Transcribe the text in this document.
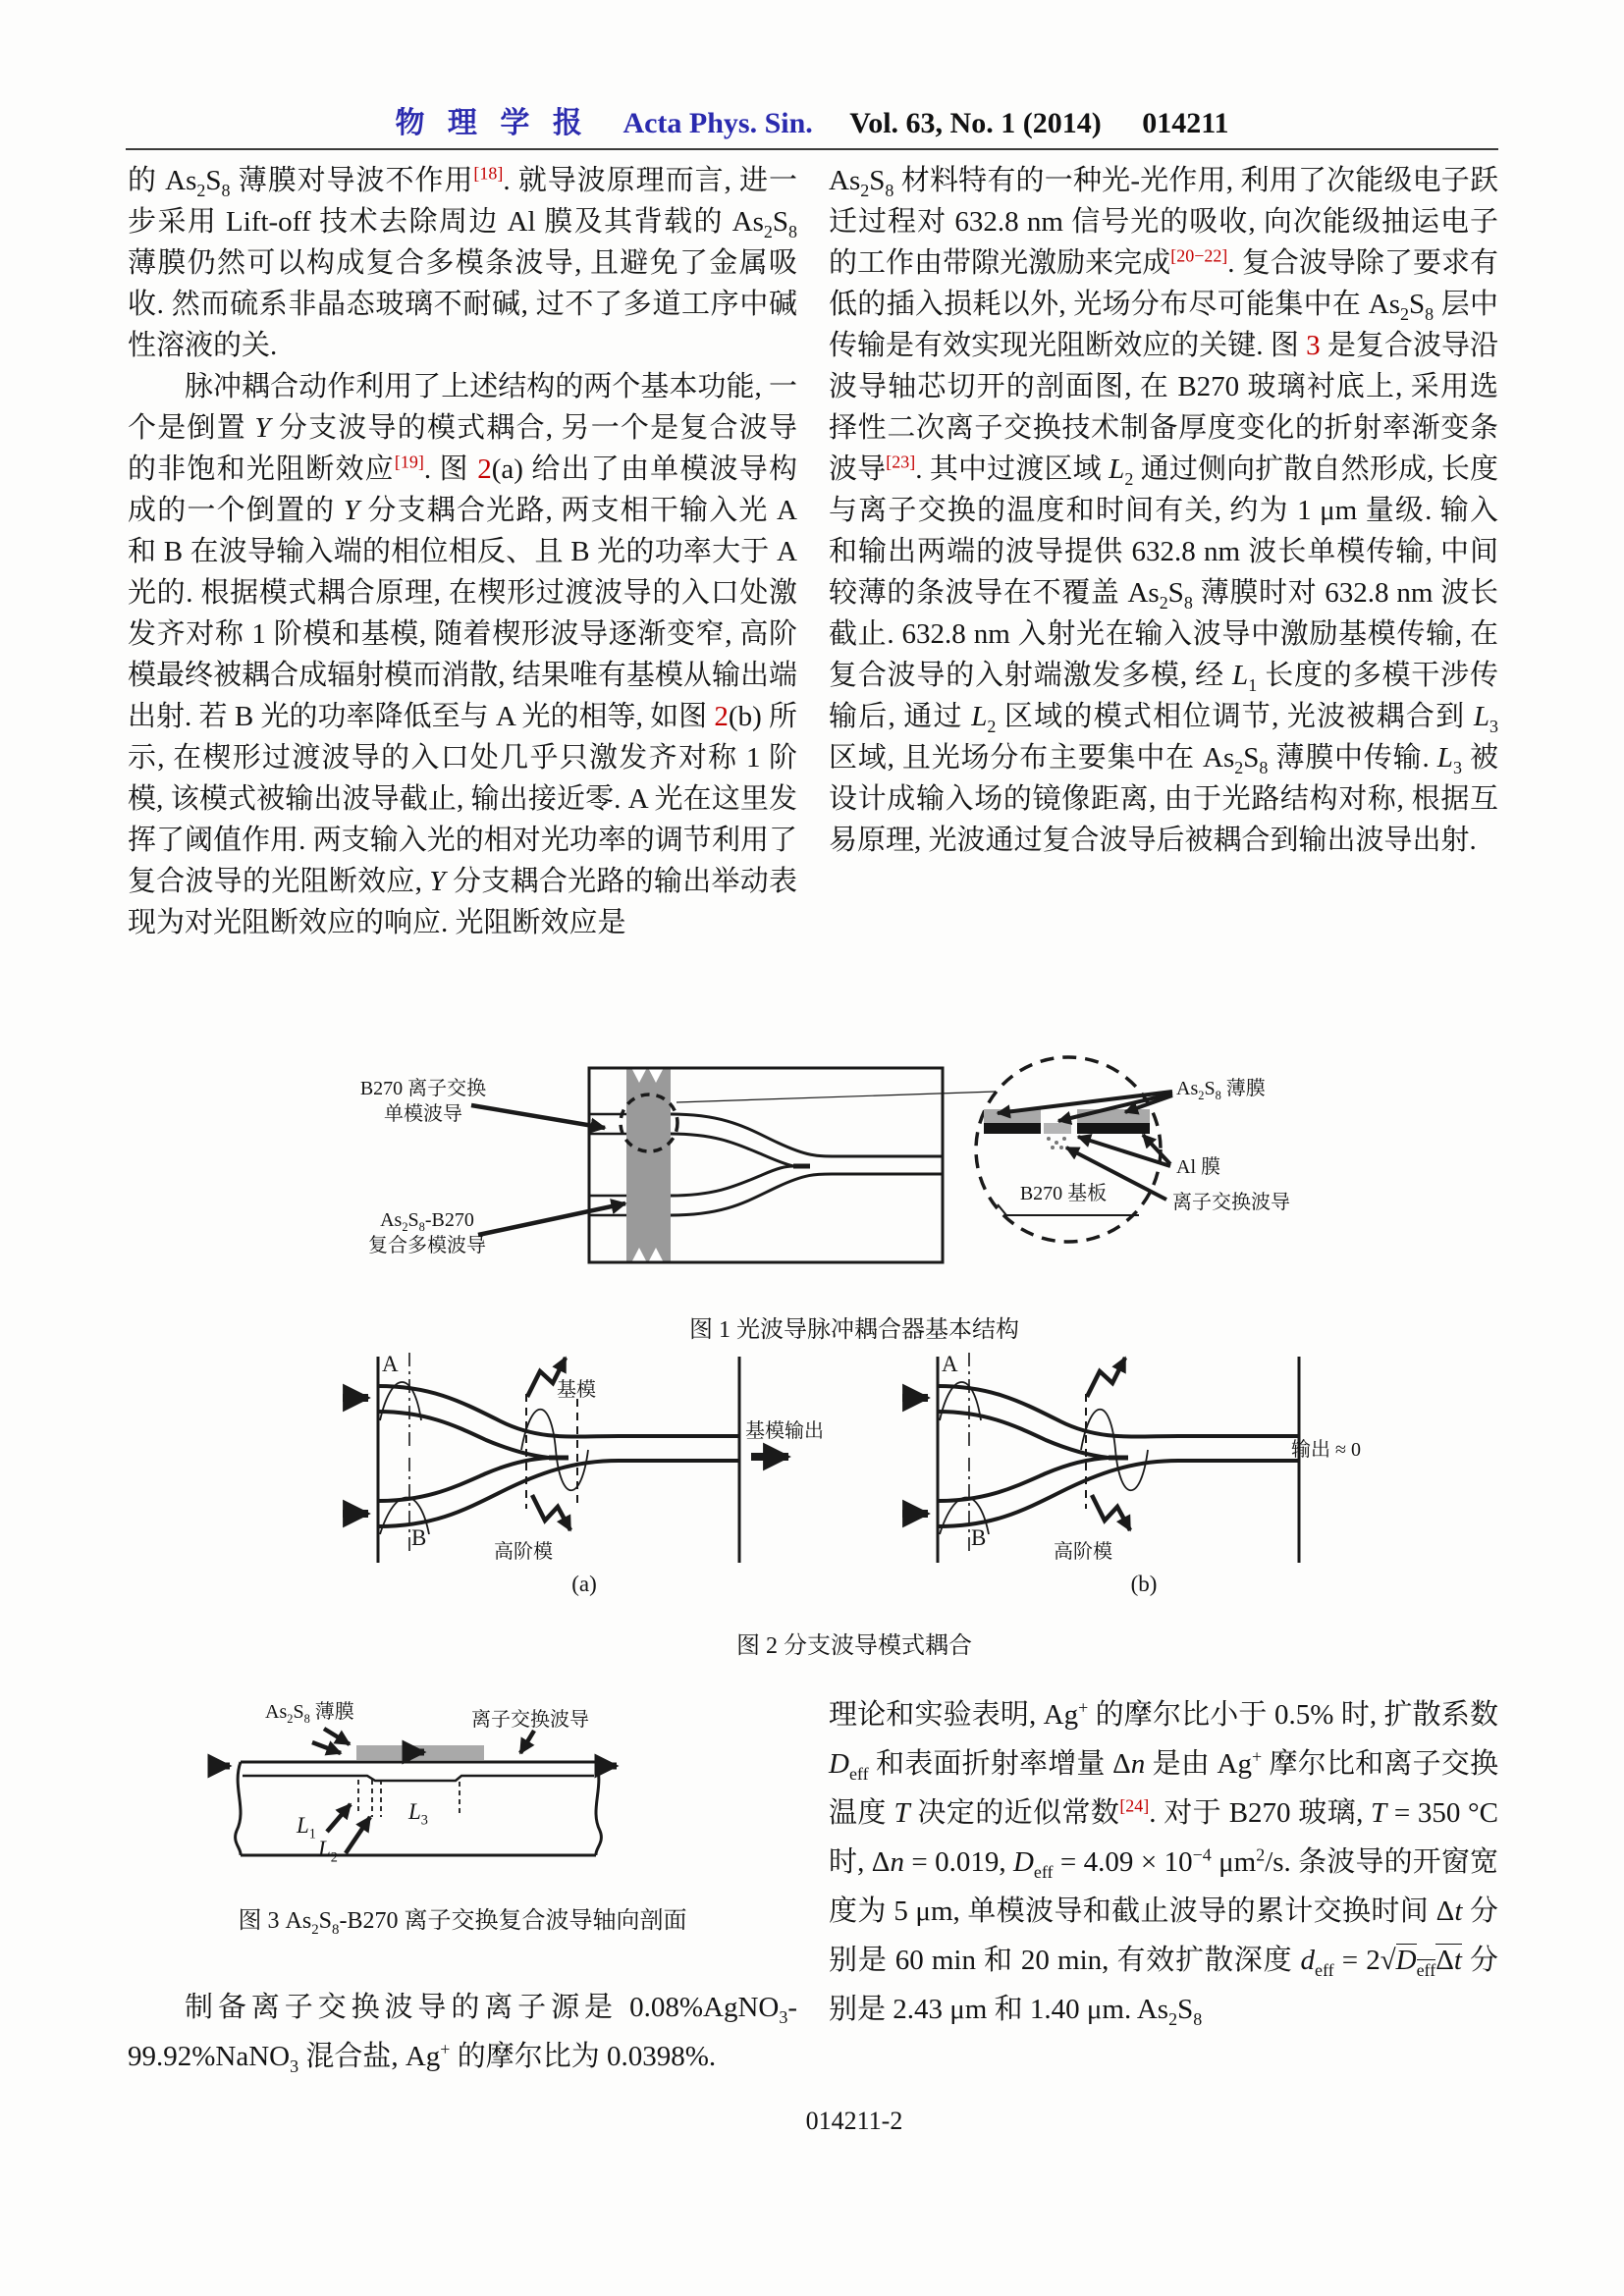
物 理 学 报 Acta Phys. Sin. Vol. 63, No. 1 (2014) 014211

的 $As_2S_8$ 薄膜对导波不作用[18]. 就导波原理而言, 进一步采用 Lift-off 技术去除周边 Al 膜及其背载的 $As_2S_8$ 薄膜仍然可以构成复合多模条波导, 且避免了金属吸收. 然而硫系非晶态玻璃不耐碱, 过不了多道工序中碱性溶液的关.

脉冲耦合动作利用了上述结构的两个基本功能, 一个是倒置 Y 分支波导的模式耦合, 另一个是复合波导的非饱和光阻断效应[19]. 图 2(a) 给出了由单模波导构成的一个倒置的 Y 分支耦合光路, 两支相干输入光 A 和 B 在波导输入端的相位相反、且 B 光的功率大于 A 光的. 根据模式耦合原理, 在楔形过渡波导的入口处激发齐对称 1 阶模和基模, 随着楔形波导逐渐变窄, 高阶模最终被耦合成辐射模而消散, 结果唯有基模从输出端出射. 若 B 光的功率降低至与 A 光的相等, 如图 2(b) 所示, 在楔形过渡波导的入口处几乎只激发齐对称 1 阶模, 该模式被输出波导截止, 输出接近零. A 光在这里发挥了阈值作用. 两支输入光的相对光功率的调节利用了复合波导的光阻断效应, Y 分支耦合光路的输出举动表现为对光阻断效应的响应. 光阻断效应是

$As_2S_8$ 材料特有的一种光-光作用, 利用了次能级电子跃迁过程对 632.8 nm 信号光的吸收, 向次能级抽运电子的工作由带隙光激励来完成[20−22]. 复合波导除了要求有低的插入损耗以外, 光场分布尽可能集中在 $As_2S_8$ 层中传输是有效实现光阻断效应的关键. 图 3 是复合波导沿波导轴芯切开的剖面图, 在 B270 玻璃衬底上, 采用选择性二次离子交换技术制备厚度变化的折射率渐变条波导[23]. 其中过渡区域 $L_2$ 通过侧向扩散自然形成, 长度与离子交换的温度和时间有关, 约为 1 μm 量级. 输入和输出两端的波导提供 632.8 nm 波长单模传输, 中间较薄的条波导在不覆盖 $As_2S_8$ 薄膜时对 632.8 nm 波长截止. 632.8 nm 入射光在输入波导中激励基模传输, 在复合波导的入射端激发多模, 经 $L_1$ 长度的多模干涉传输后, 通过 $L_2$ 区域的模式相位调节, 光波被耦合到 $L_3$ 区域, 且光场分布主要集中在 $As_2S_8$ 薄膜中传输. $L_3$ 被设计成输入场的镜像距离, 由于光路结构对称, 根据互易原理, 光波通过复合波导后被耦合到输出波导出射.

B270 离子交换
单模波导
$As_2S_8-B270$
复合多模波导
$As_2S_8$ 薄膜
Al 膜
离子交换波导
B270 基板
图 1 光波导脉冲耦合器基本结构
A
B
基模
高阶模
基模输出
(a)
A
B
高阶模
输出 ≈ 0
(b)
图 2 分支波导模式耦合
$As_2S_8$ 薄膜	离子交换波导
$L_1$
$L_2$
$L_3$
图 3 $As_2S_8-B270$ 离子交换复合波导轴向剖面

制备离子交换波导的离子源是 0.08%AgNO$_3$-99.92%NaNO$_3$ 混合盐, Ag+ 的摩尔比为 0.0398%.

理论和实验表明, Ag+ 的摩尔比小于 0.5% 时, 扩散系数 $D_{eff}$ 和表面折射率增量 Δn 是由 Ag+ 摩尔比和离子交换温度 T 决定的近似常数[24]. 对于 B270 玻璃, T = 350 °C 时, Δn = 0.019, $D_{eff} = 4.09 \times 10^{-4}$ $\mu m^2/s$. 条波导的开窗宽度为 5 μm, 单模波导和截止波导的累计交换时间 Δt 分别是 60 min 和 20 min, 有效扩散深度 $d_{eff} = 2√D_{eff}\Delta t$ 分别是 2.43 μm 和 1.40 μm. $As_2S_8$

014211-2
